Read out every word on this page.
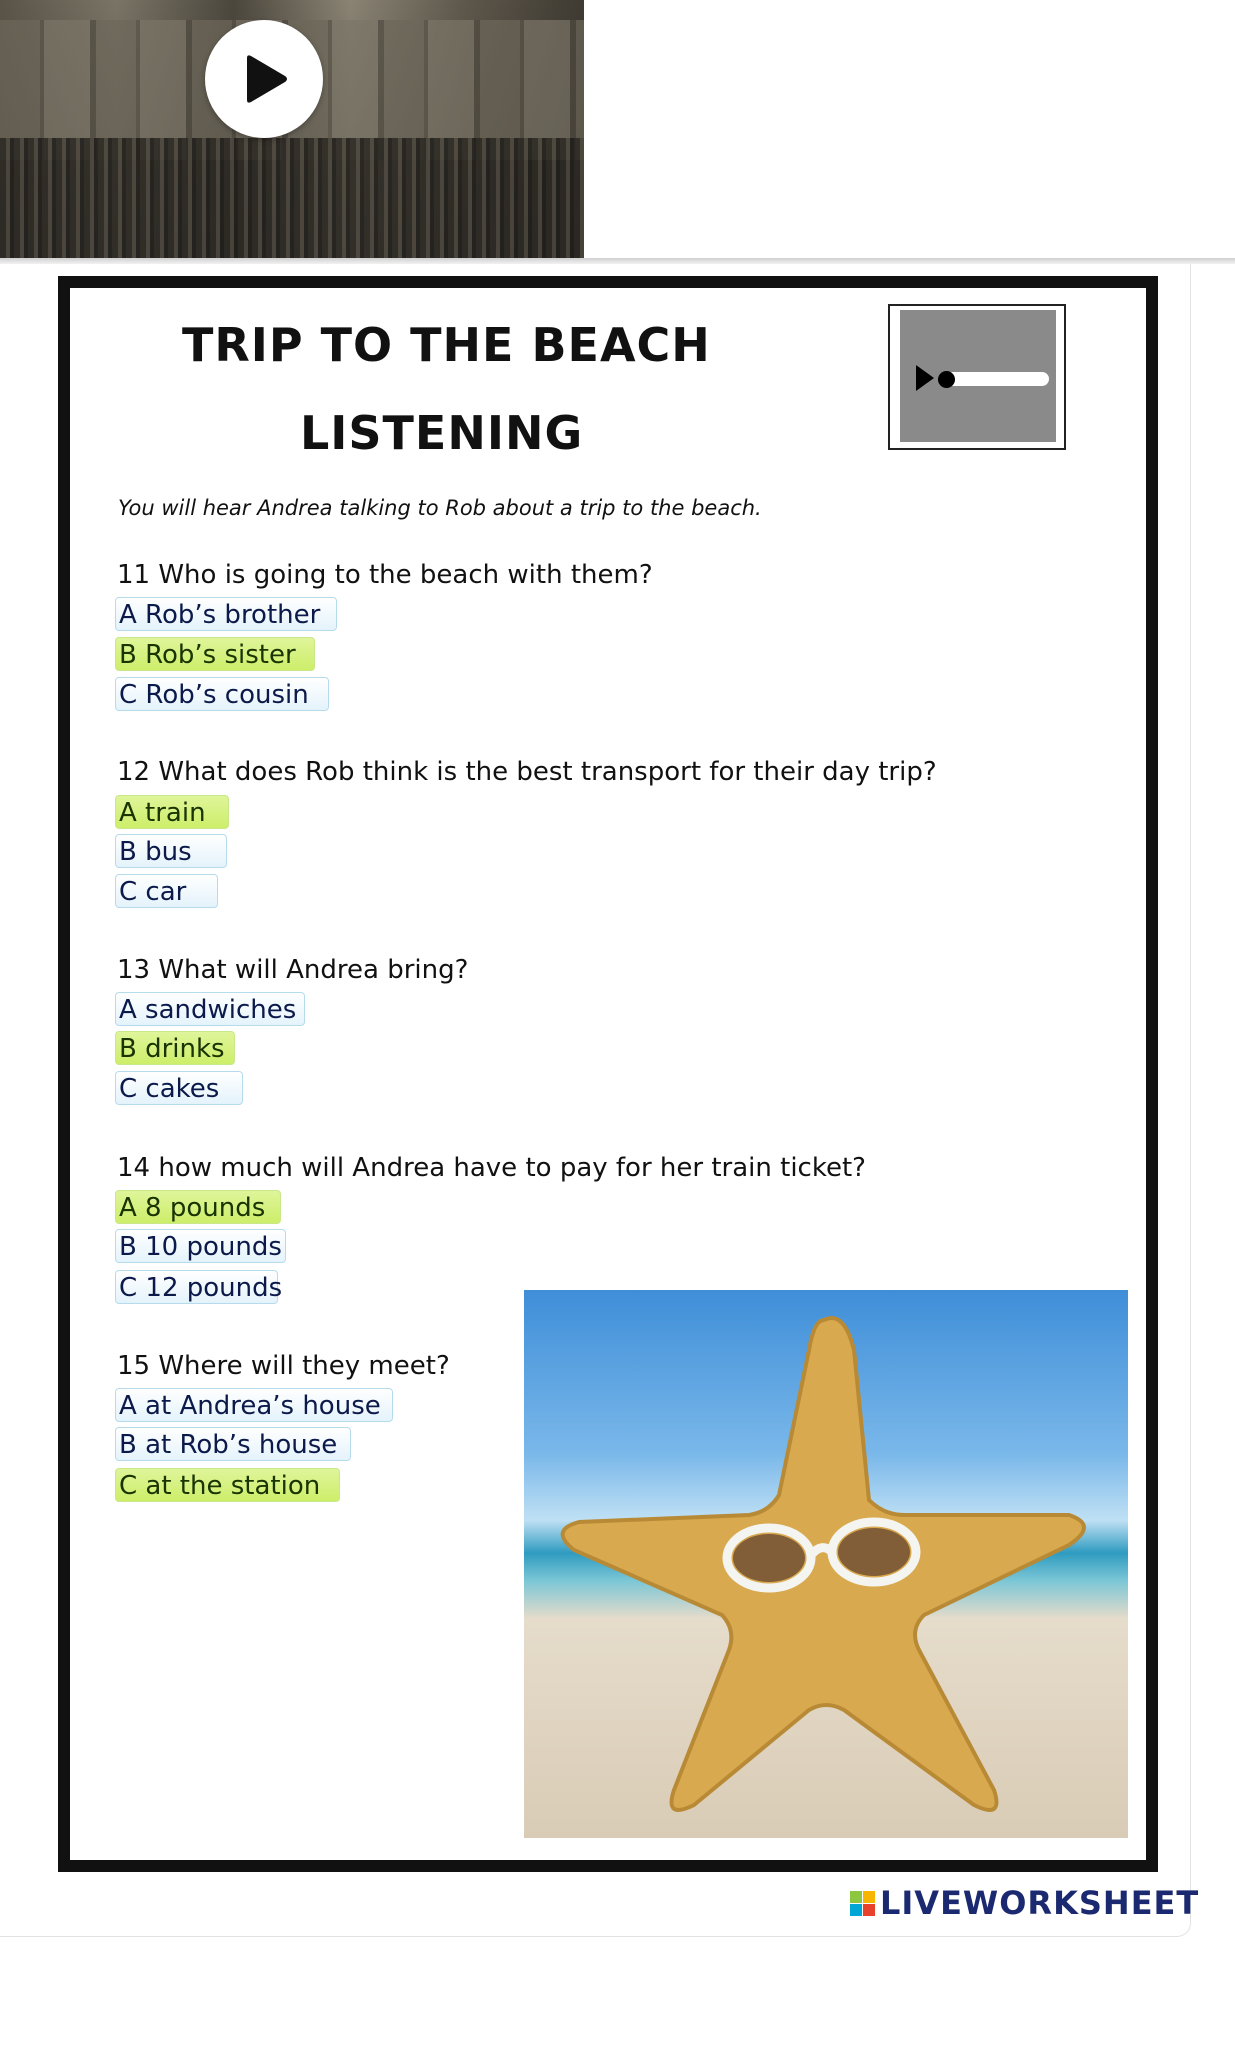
TRIP TO THE BEACH
LISTENING
You will hear Andrea talking to Rob about a trip to the beach.
11 Who is going to the beach with them?
A Rob’s brother
B Rob’s sister
C Rob’s cousin
12 What does Rob think is the best transport for their day trip?
A train
B bus
C car
13 What will Andrea bring?
A sandwiches
B drinks
C cakes
14 how much will Andrea have to pay for her train ticket?
A 8 pounds
B 10 pounds
C 12 pounds
15 Where will they meet?
A at Andrea’s house
B at Rob’s house
C at the station
LIVEWORKSHEET
